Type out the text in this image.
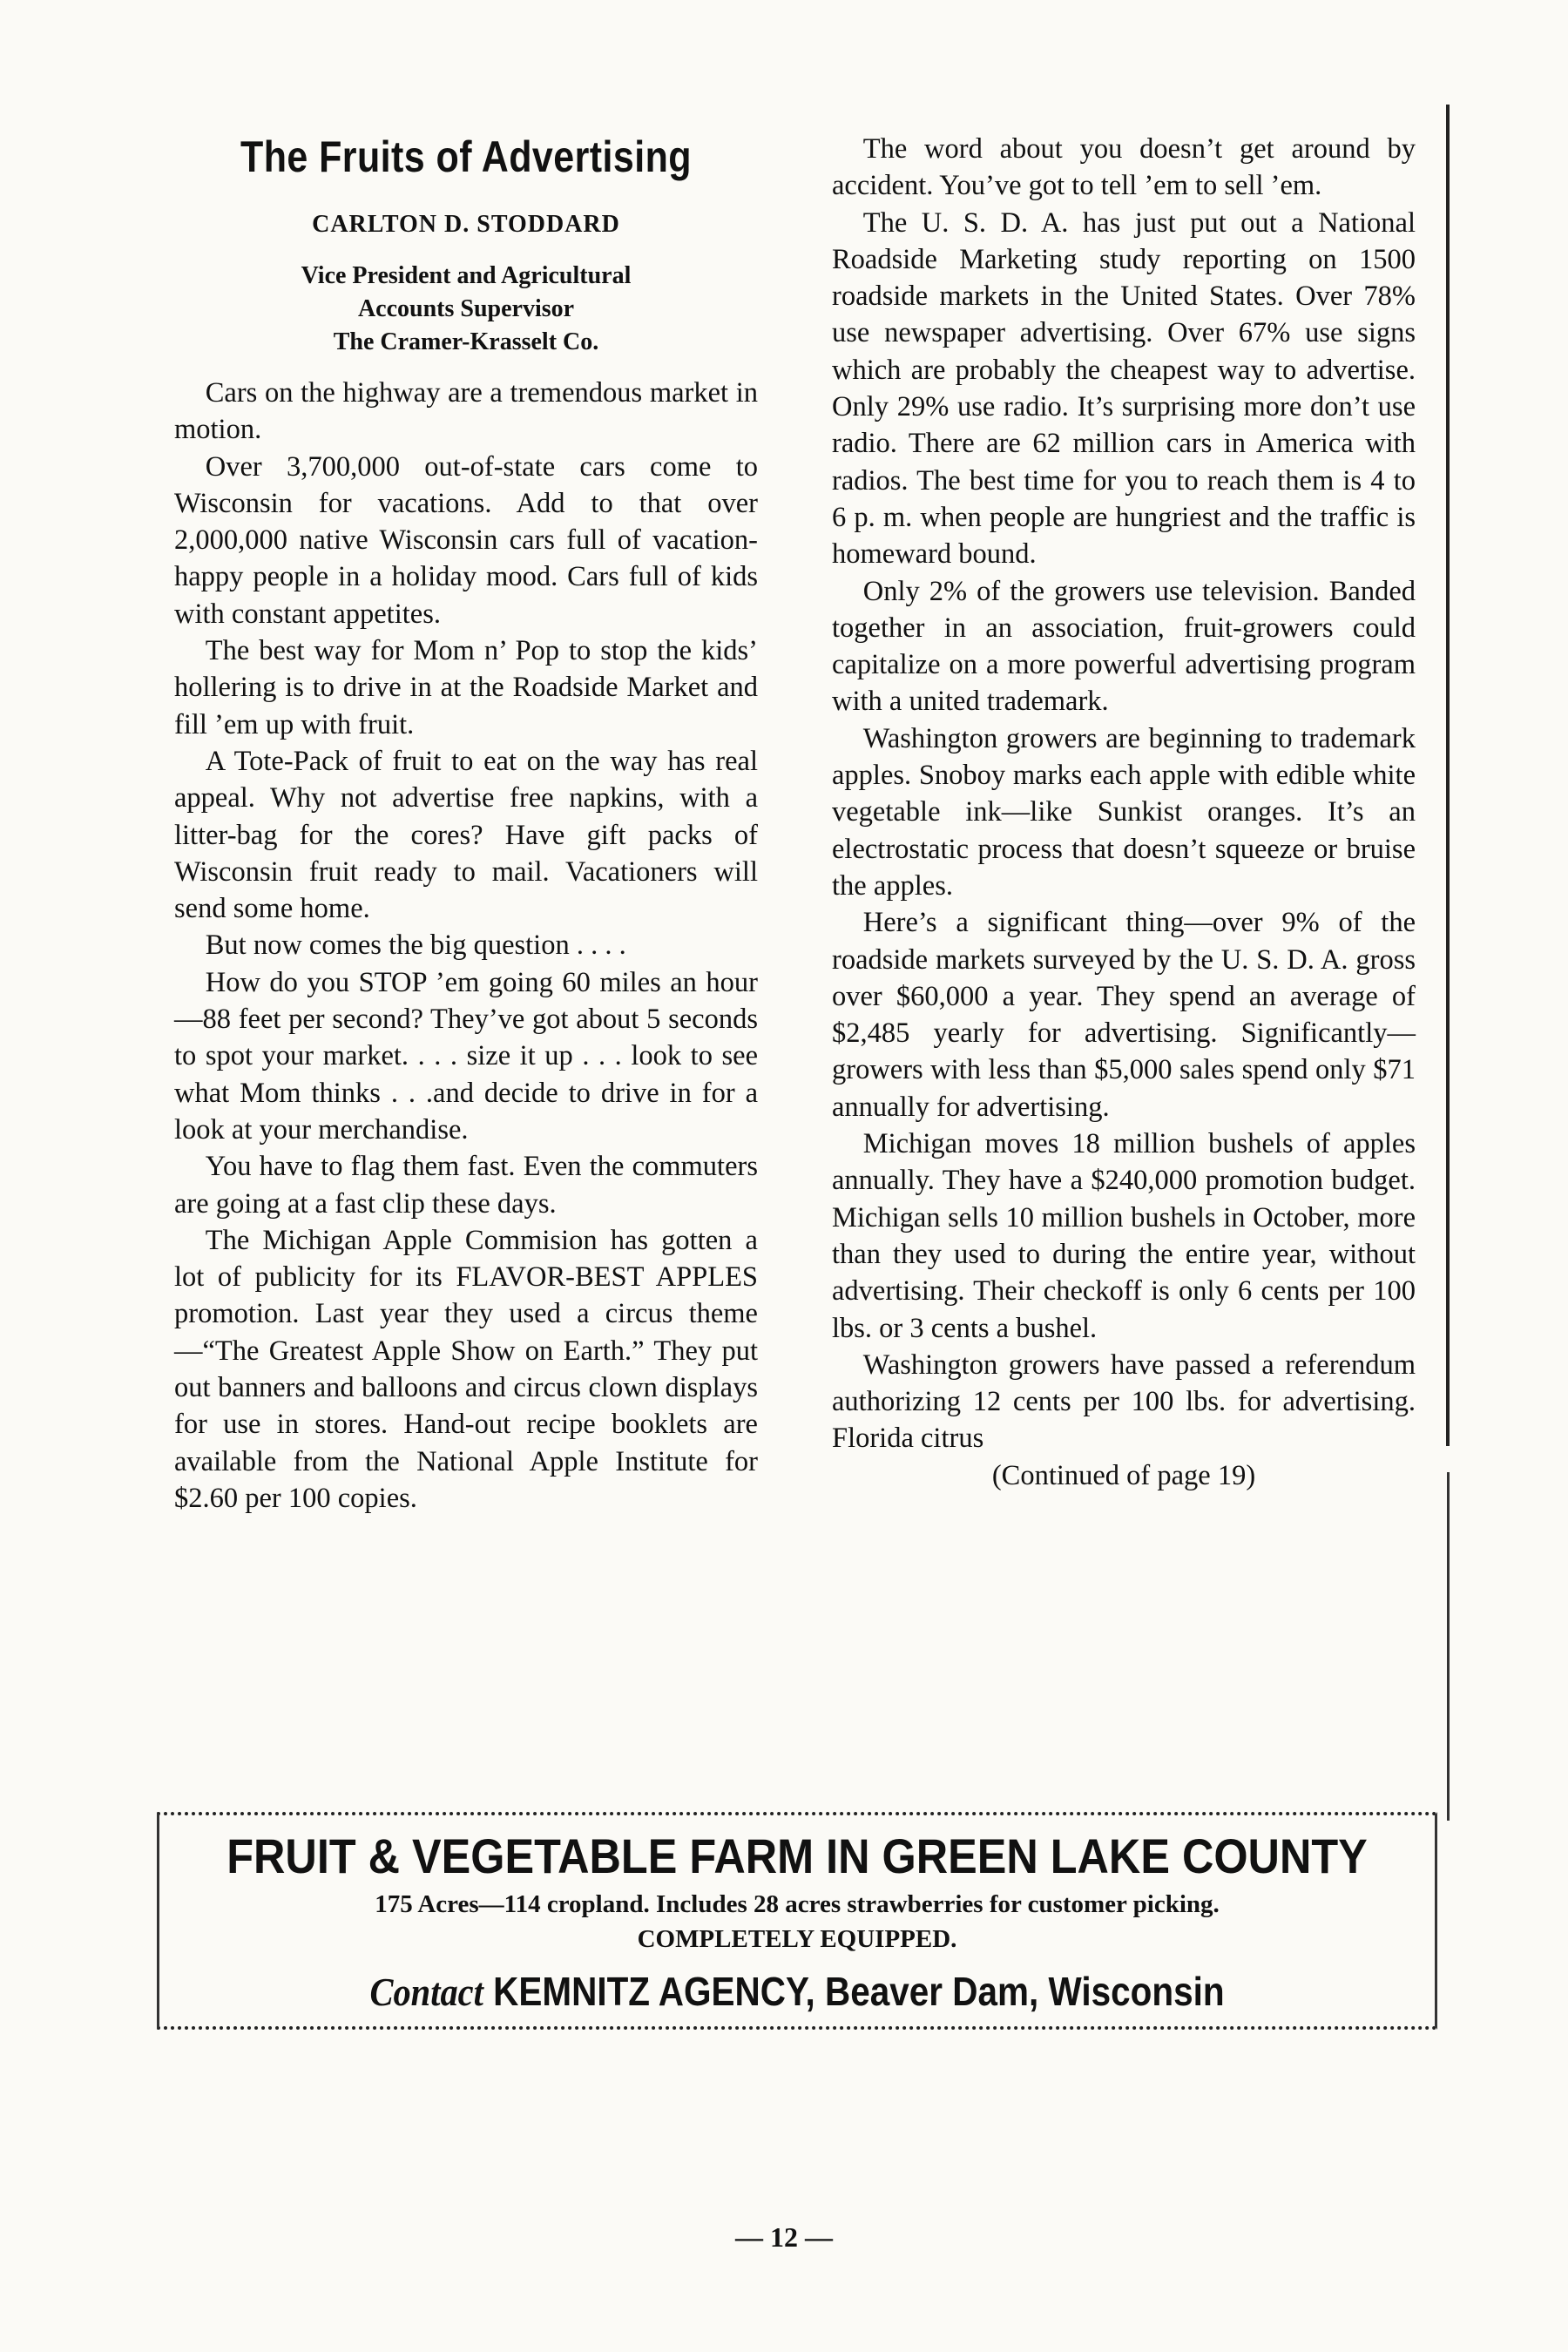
The Fruits of Advertising
CARLTON D. STODDARD
Vice President and Agricultural
Accounts Supervisor
The Cramer-Krasselt Co.

Cars on the highway are a tremendous market in motion.

Over 3,700,000 out-of-state cars come to Wisconsin for vacations. Add to that over 2,000,000 native Wisconsin cars full of vacation-happy people in a holiday mood. Cars full of kids with constant appetites.

The best way for Mom n’ Pop to stop the kids’ hollering is to drive in at the Roadside Market and fill ’em up with fruit.

A Tote-Pack of fruit to eat on the way has real appeal. Why not advertise free napkins, with a litter-bag for the cores? Have gift packs of Wisconsin fruit ready to mail. Vacationers will send some home.

But now comes the big question . . . .

How do you STOP ’em going 60 miles an hour—88 feet per second? They’ve got about 5 seconds to spot your market. . . . size it up . . . look to see what Mom thinks . . .and decide to drive in for a look at your merchandise.

You have to flag them fast. Even the commuters are going at a fast clip these days.

The Michigan Apple Commision has gotten a lot of publicity for its FLAVOR-BEST APPLES promotion. Last year they used a circus theme—“The Greatest Apple Show on Earth.” They put out banners and balloons and circus clown displays for use in stores. Hand-out recipe booklets are available from the National Apple Institute for $2.60 per 100 copies.

The word about you doesn’t get around by accident. You’ve got to tell ’em to sell ’em.

The U. S. D. A. has just put out a National Roadside Marketing study reporting on 1500 roadside markets in the United States. Over 78% use newspaper advertising. Over 67% use signs which are probably the cheapest way to advertise. Only 29% use radio. It’s surprising more don’t use radio. There are 62 million cars in America with radios. The best time for you to reach them is 4 to 6 p. m. when people are hungriest and the traffic is homeward bound.

Only 2% of the growers use television. Banded together in an association, fruit-growers could capitalize on a more powerful advertising program with a united trademark.

Washington growers are beginning to trademark apples. Snoboy marks each apple with edible white vegetable ink—like Sunkist oranges. It’s an electrostatic process that doesn’t squeeze or bruise the apples.

Here’s a significant thing—over 9% of the roadside markets surveyed by the U. S. D. A. gross over $60,000 a year. They spend an average of $2,485 yearly for advertising. Significantly—growers with less than $5,000 sales spend only $71 annually for advertising.

Michigan moves 18 million bushels of apples annually. They have a $240,000 promotion budget. Michigan sells 10 million bushels in October, more than they used to during the entire year, without advertising. Their checkoff is only 6 cents per 100 lbs. or 3 cents a bushel.

Washington growers have passed a referendum authorizing 12 cents per 100 lbs. for advertising. Florida citrus

(Continued of page 19)

FRUIT & VEGETABLE FARM IN GREEN LAKE COUNTY
175 Acres—114 cropland. Includes 28 acres strawberries for customer picking.
COMPLETELY EQUIPPED.
Contact KEMNITZ AGENCY, Beaver Dam, Wisconsin
— 12 —
